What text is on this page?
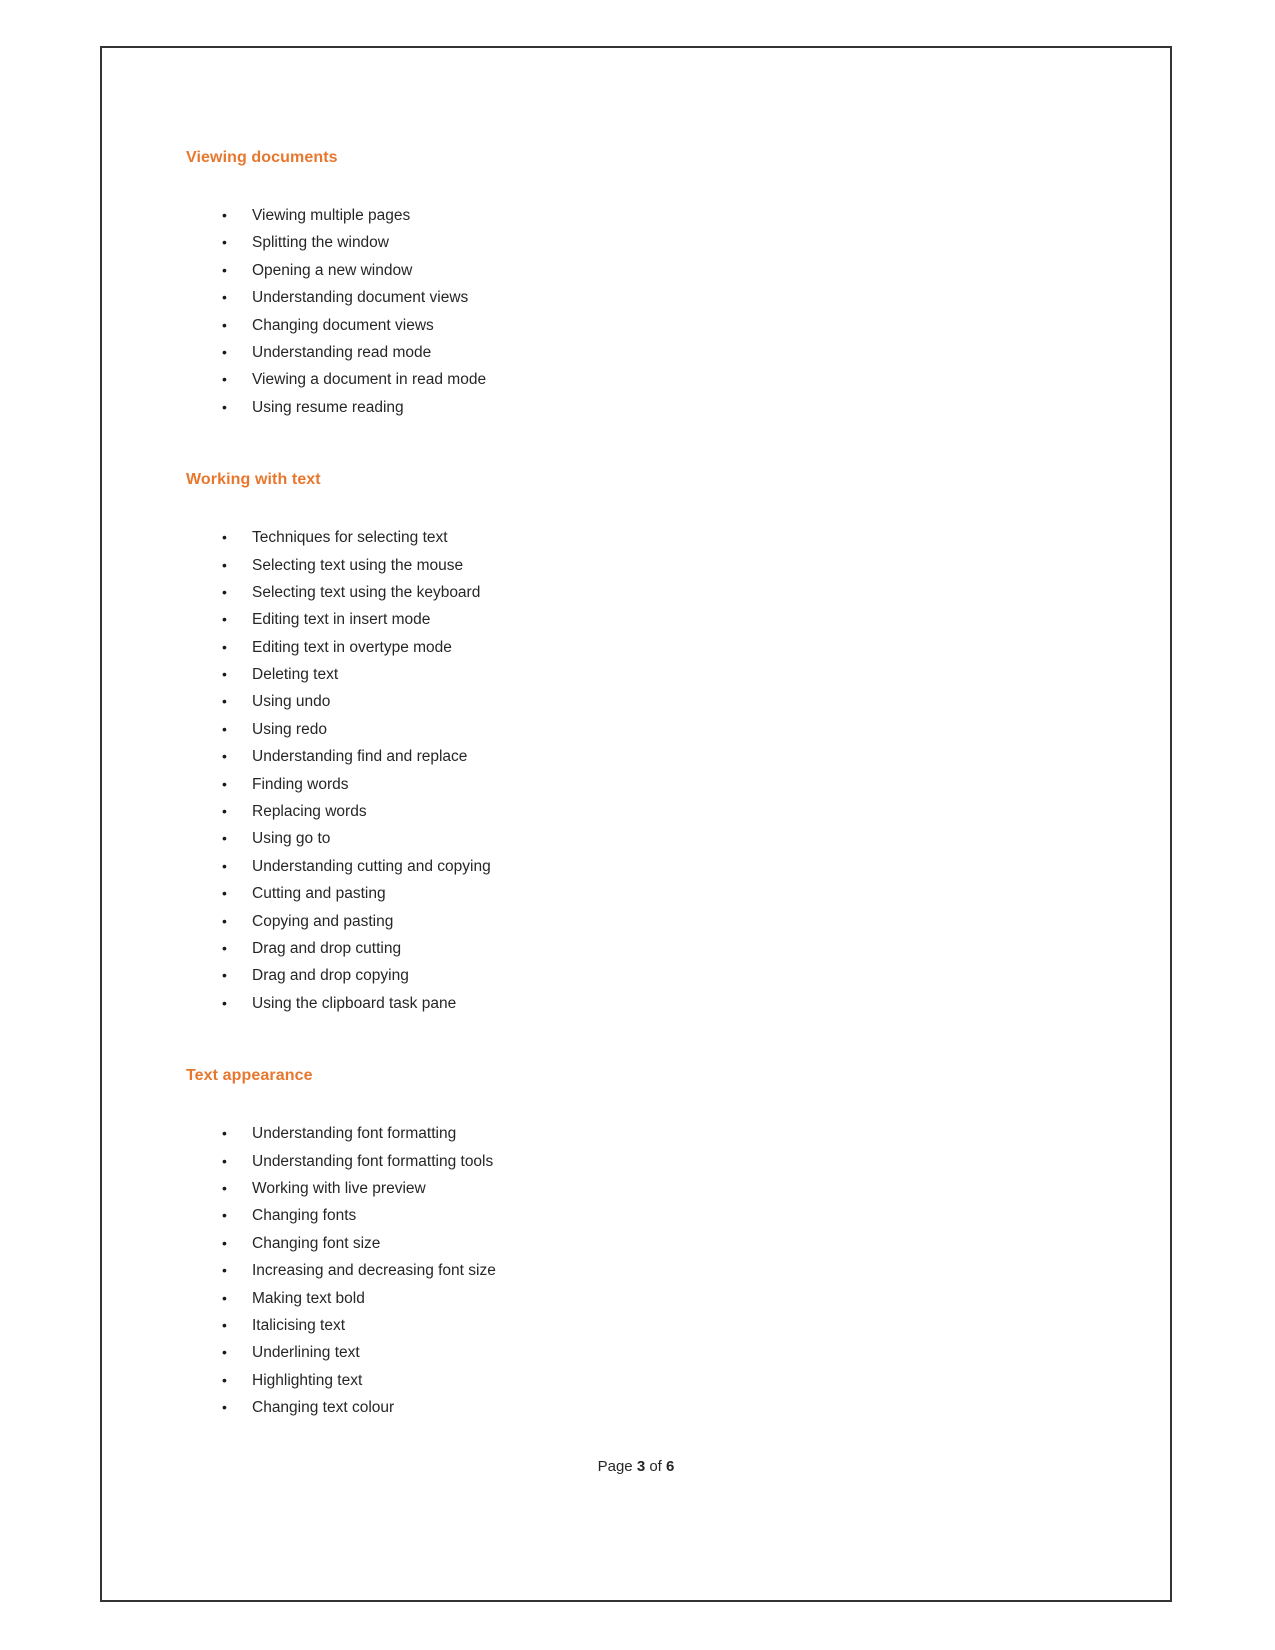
Viewing documents
• Viewing multiple pages
• Splitting the window
• Opening a new window
• Understanding document views
• Changing document views
• Understanding read mode
• Viewing a document in read mode
• Using resume reading
Working with text
• Techniques for selecting text
• Selecting text using the mouse
• Selecting text using the keyboard
• Editing text in insert mode
• Editing text in overtype mode
• Deleting text
• Using undo
• Using redo
• Understanding find and replace
• Finding words
• Replacing words
• Using go to
• Understanding cutting and copying
• Cutting and pasting
• Copying and pasting
• Drag and drop cutting
• Drag and drop copying
• Using the clipboard task pane
Text appearance
• Understanding font formatting
• Understanding font formatting tools
• Working with live preview
• Changing fonts
• Changing font size
• Increasing and decreasing font size
• Making text bold
• Italicising text
• Underlining text
• Highlighting text
• Changing text colour
Page 3 of 6
